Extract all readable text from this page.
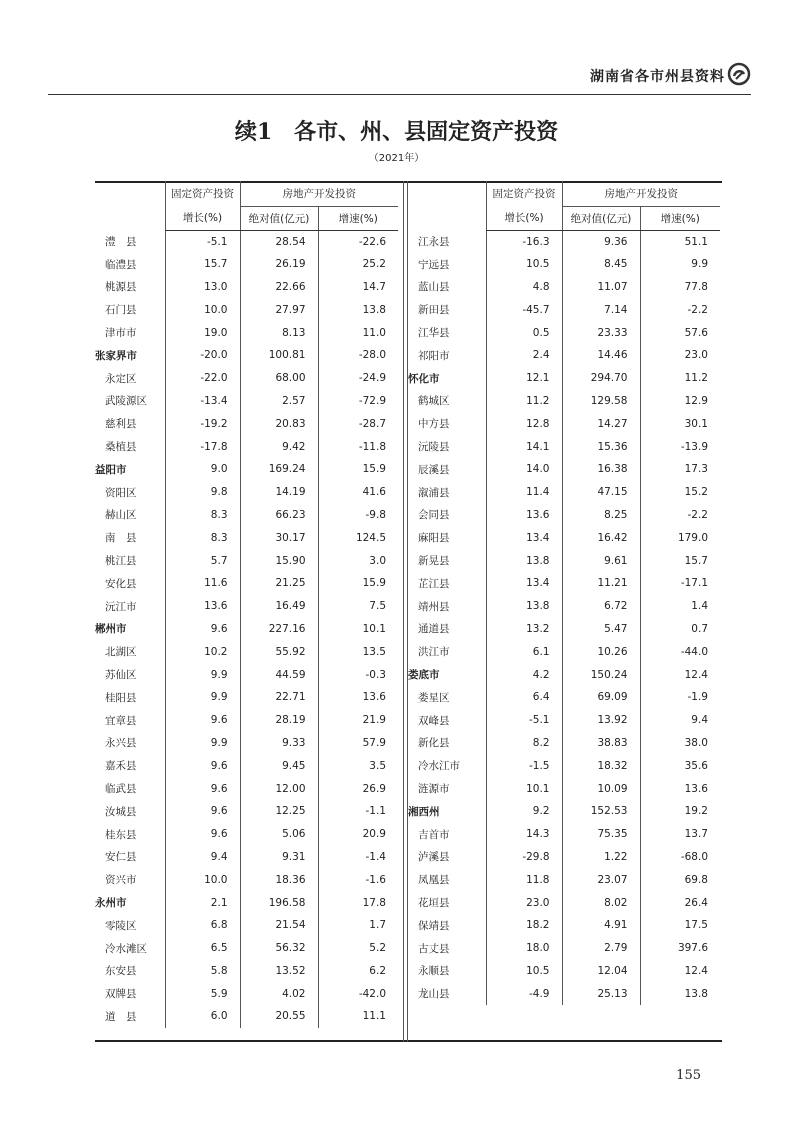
湖南省各市州县资料
续1　各市、州、县固定资产投资
（2021年）
	固定资产投资	房地产开发投资	
	增长(%)	绝对值(亿元)	增速(%)
澧　县	-5.1	28.54	-22.6
临澧县	15.7	26.19	25.2
桃源县	13.0	22.66	14.7
石门县	10.0	27.97	13.8
津市市	19.0	8.13	11.0
张家界市	-20.0	100.81	-28.0
永定区	-22.0	68.00	-24.9
武陵源区	-13.4	2.57	-72.9
慈利县	-19.2	20.83	-28.7
桑植县	-17.8	9.42	-11.8
益阳市	9.0	169.24	15.9
资阳区	9.8	14.19	41.6
赫山区	8.3	66.23	-9.8
南　县	8.3	30.17	124.5
桃江县	5.7	15.90	3.0
安化县	11.6	21.25	15.9
沅江市	13.6	16.49	7.5
郴州市	9.6	227.16	10.1
北湖区	10.2	55.92	13.5
苏仙区	9.9	44.59	-0.3
桂阳县	9.9	22.71	13.6
宜章县	9.6	28.19	21.9
永兴县	9.9	9.33	57.9
嘉禾县	9.6	9.45	3.5
临武县	9.6	12.00	26.9
汝城县	9.6	12.25	-1.1
桂东县	9.6	5.06	20.9
安仁县	9.4	9.31	-1.4
资兴市	10.0	18.36	-1.6
永州市	2.1	196.58	17.8
零陵区	6.8	21.54	1.7
冷水滩区	6.5	56.32	5.2
东安县	5.8	13.52	6.2
双牌县	5.9	4.02	-42.0
道　县	6.0	20.55	11.1
	固定资产投资	房地产开发投资	
	增长(%)	绝对值(亿元)	增速(%)
江永县	-16.3	9.36	51.1
宁远县	10.5	8.45	9.9
蓝山县	4.8	11.07	77.8
新田县	-45.7	7.14	-2.2
江华县	0.5	23.33	57.6
祁阳市	2.4	14.46	23.0
怀化市	12.1	294.70	11.2
鹤城区	11.2	129.58	12.9
中方县	12.8	14.27	30.1
沅陵县	14.1	15.36	-13.9
辰溪县	14.0	16.38	17.3
溆浦县	11.4	47.15	15.2
会同县	13.6	8.25	-2.2
麻阳县	13.4	16.42	179.0
新晃县	13.8	9.61	15.7
芷江县	13.4	11.21	-17.1
靖州县	13.8	6.72	1.4
通道县	13.2	5.47	0.7
洪江市	6.1	10.26	-44.0
娄底市	4.2	150.24	12.4
娄星区	6.4	69.09	-1.9
双峰县	-5.1	13.92	9.4
新化县	8.2	38.83	38.0
冷水江市	-1.5	18.32	35.6
涟源市	10.1	10.09	13.6
湘西州	9.2	152.53	19.2
吉首市	14.3	75.35	13.7
泸溪县	-29.8	1.22	-68.0
凤凰县	11.8	23.07	69.8
花垣县	23.0	8.02	26.4
保靖县	18.2	4.91	17.5
古丈县	18.0	2.79	397.6
永顺县	10.5	12.04	12.4
龙山县	-4.9	25.13	13.8
155
